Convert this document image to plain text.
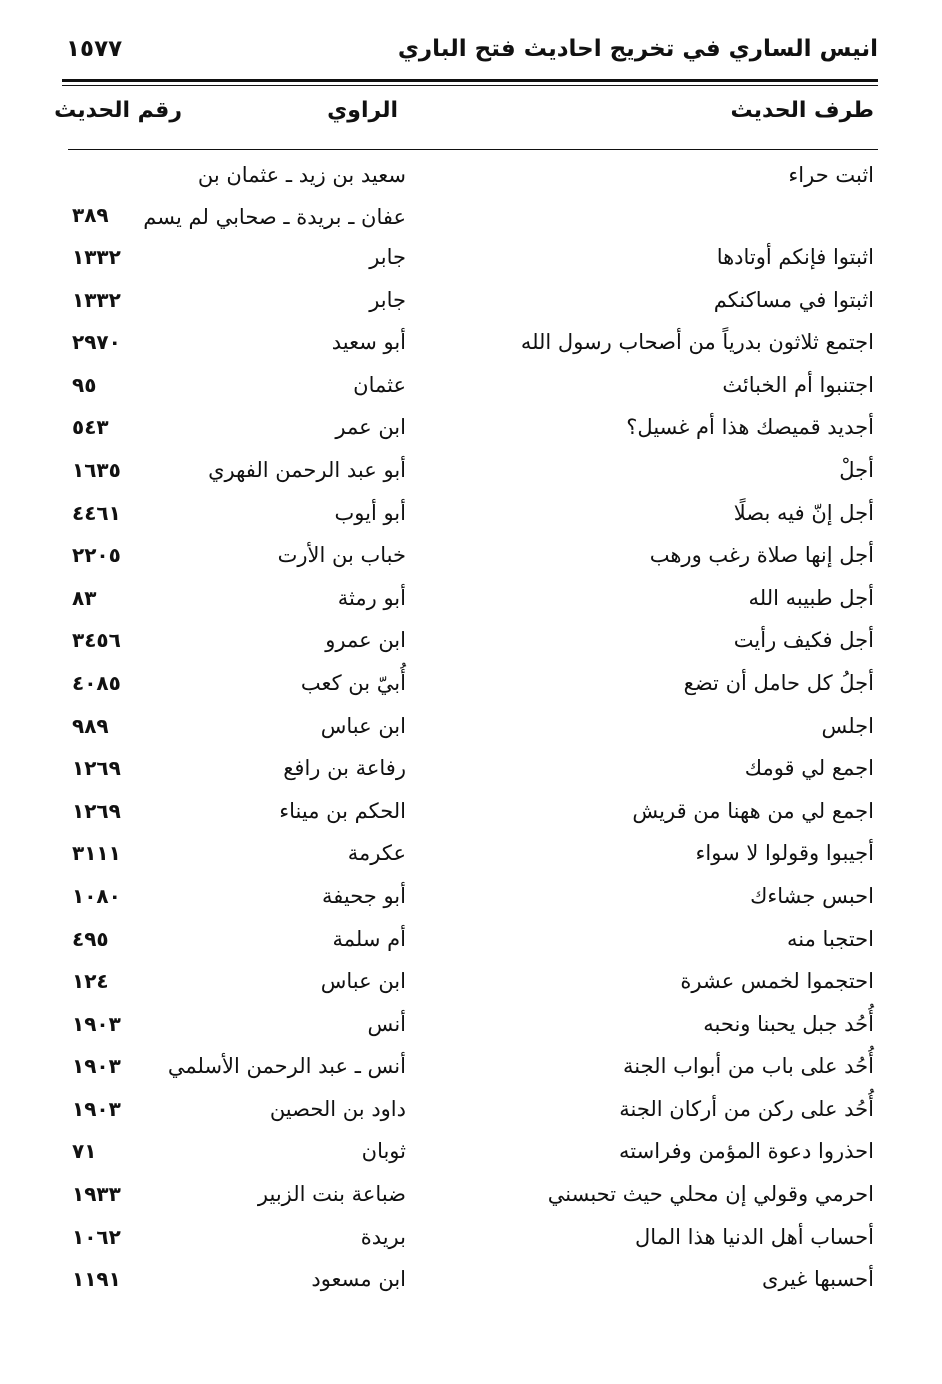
انيس الساري في تخريج احاديث فتح الباري
١٥٧٧
طرف الحديث
الراوي
رقم الحديث
اثبت حراء
سعيد بن زيد ـ عثمان بن
عفان ـ بريدة ـ صحابي لم يسم
٣٨٩
اثبتوا فإنكم أوتادها
جابر
١٣٣٢
اثبتوا في مساكنكم
جابر
١٣٣٢
اجتمع ثلاثون بدرياً من أصحاب رسول الله
أبو سعيد
٢٩٧٠
اجتنبوا أم الخبائث
عثمان
٩٥
أجديد قميصك هذا أم غسيل؟
ابن عمر
٥٤٣
أجلْ
أبو عبد الرحمن الفهري
١٦٣٥
أجل إنّ فيه بصلًا
أبو أيوب
٤٤٦١
أجل إنها صلاة رغب ورهب
خباب بن الأرت
٢٢٠٥
أجل طبيبه الله
أبو رمثة
٨٣
أجل فكيف رأيت
ابن عمرو
٣٤٥٦
أجلُ كل حامل أن تضع
أُبيّ بن كعب
٤٠٨٥
اجلس
ابن عباس
٩٨٩
اجمع لي قومك
رفاعة بن رافع
١٢٦٩
اجمع لي من ههنا من قريش
الحكم بن ميناء
١٢٦٩
أجيبوا وقولوا لا سواء
عكرمة
٣١١١
احبس جشاءك
أبو جحيفة
١٠٨٠
احتجبا منه
أم سلمة
٤٩٥
احتجموا لخمس عشرة
ابن عباس
١٢٤
أُحُد جبل يحبنا ونحبه
أنس
١٩٠٣
أُحُد على باب من أبواب الجنة
أنس ـ عبد الرحمن الأسلمي
١٩٠٣
أُحُد على ركن من أركان الجنة
داود بن الحصين
١٩٠٣
احذروا دعوة المؤمن وفراسته
ثوبان
٧١
احرمي وقولي إن محلي حيث تحبسني
ضباعة بنت الزبير
١٩٣٣
أحساب أهل الدنيا هذا المال
بريدة
١٠٦٢
أحسبها غيرى
ابن مسعود
١١٩١
